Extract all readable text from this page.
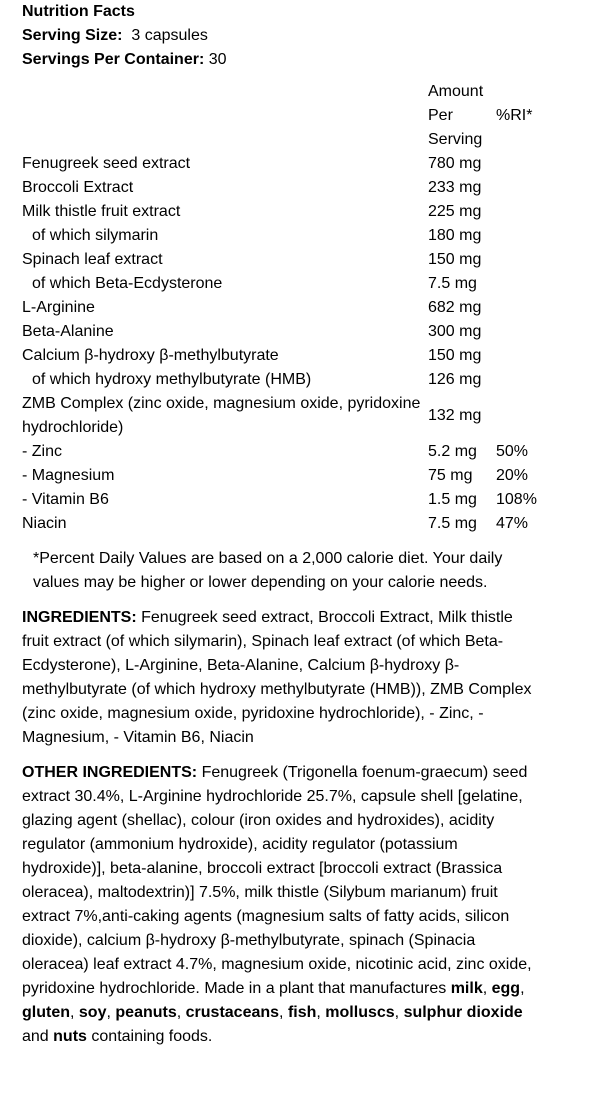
Nutrition Facts
Serving Size: 3 capsules
Servings Per Container: 30

	Amount
Per
Serving	%RI*
Fenugreek seed extract	780 mg	
Broccoli Extract	233 mg	
Milk thistle fruit extract	225 mg	
of which silymarin	180 mg	
Spinach leaf extract	150 mg	
of which Beta-Ecdysterone	7.5 mg	
L-Arginine	682 mg	
Beta-Alanine	300 mg	
Calcium β-hydroxy β-methylbutyrate	150 mg	
of which hydroxy methylbutyrate (HMB)	126 mg	
ZMB Complex (zinc oxide, magnesium oxide, pyridoxine hydrochloride)	132 mg	
- Zinc	5.2 mg	50%
- Magnesium	75 mg	20%
- Vitamin B6	1.5 mg	108%
Niacin	7.5 mg	47%
*Percent Daily Values are based on a 2,000 calorie diet. Your daily values may be higher or lower depending on your calorie needs.
INGREDIENTS: Fenugreek seed extract, Broccoli Extract, Milk thistle fruit extract (of which silymarin), Spinach leaf extract (of which Beta-Ecdysterone), L-Arginine, Beta-Alanine, Calcium β-hydroxy β-methylbutyrate (of which hydroxy methylbutyrate (HMB)), ZMB Complex (zinc oxide, magnesium oxide, pyridoxine hydrochloride), - Zinc, - Magnesium, - Vitamin B6, Niacin
OTHER INGREDIENTS: Fenugreek (Trigonella foenum-graecum) seed extract 30.4%, L-Arginine hydrochloride 25.7%, capsule shell [gelatine, glazing agent (shellac), colour (iron oxides and hydroxides), acidity regulator (ammonium hydroxide), acidity regulator (potassium hydroxide)], beta-alanine, broccoli extract [broccoli extract (Brassica oleracea), maltodextrin)] 7.5%, milk thistle (Silybum marianum) fruit extract 7%,anti-caking agents (magnesium salts of fatty acids, silicon dioxide), calcium β-hydroxy β-methylbutyrate, spinach (Spinacia oleracea) leaf extract 4.7%, magnesium oxide, nicotinic acid, zinc oxide, pyridoxine hydrochloride. Made in a plant that manufactures milk, egg, gluten, soy, peanuts, crustaceans, fish, molluscs, sulphur dioxide and nuts containing foods.
